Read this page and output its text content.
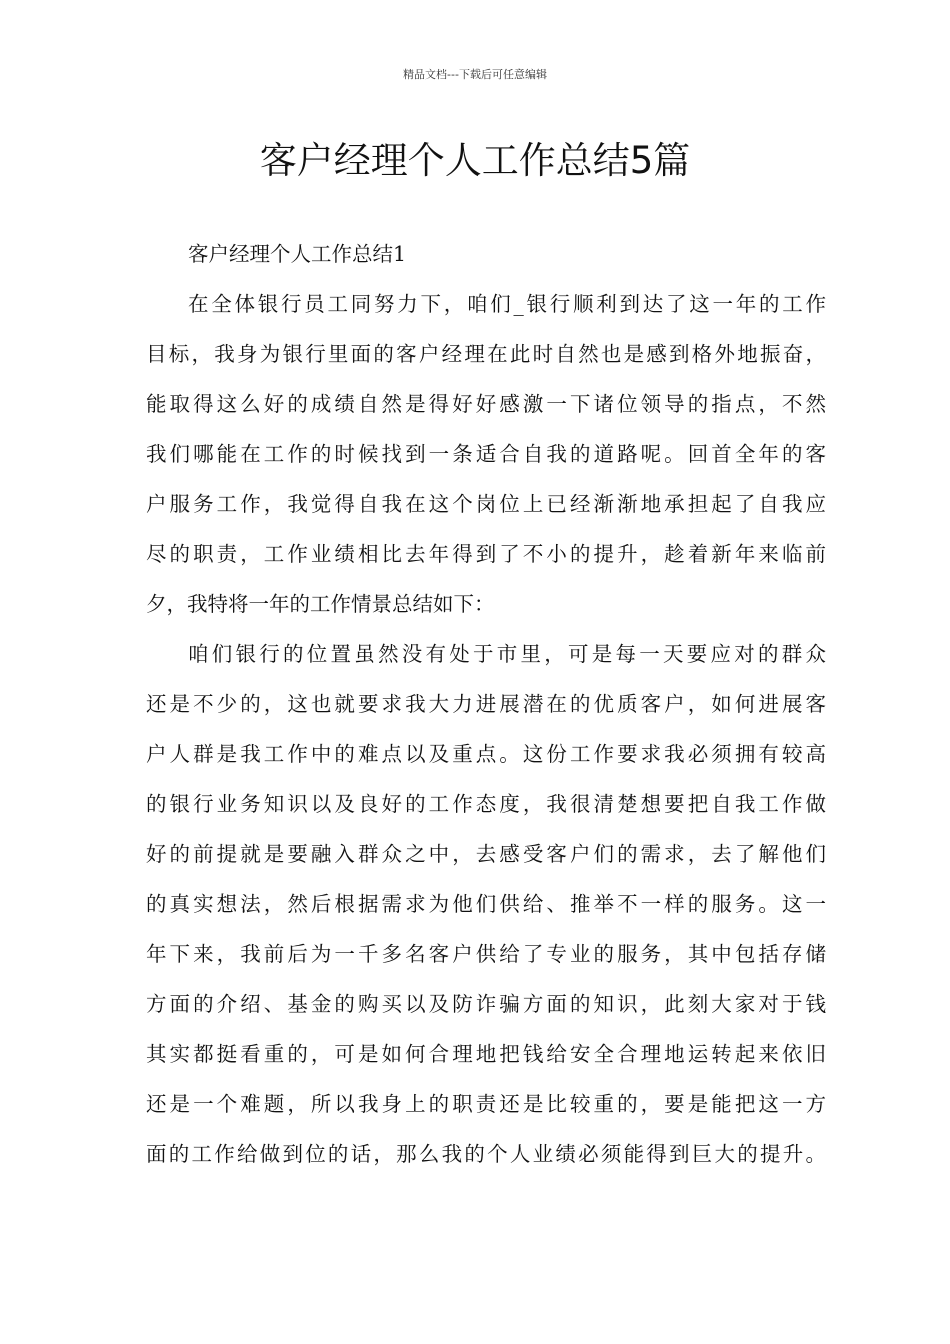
精品文档---下载后可任意编辑
客户经理个人工作总结5篇
客户经理个人工作总结1
在全体银行员工同努力下，咱们_银行顺利到达了这一年的工作
目标，我身为银行里面的客户经理在此时自然也是感到格外地振奋，
能取得这么好的成绩自然是得好好感激一下诸位领导的指点，不然
我们哪能在工作的时候找到一条适合自我的道路呢。回首全年的客
户服务工作，我觉得自我在这个岗位上已经渐渐地承担起了自我应
尽的职责，工作业绩相比去年得到了不小的提升，趁着新年来临前
夕，我特将一年的工作情景总结如下：
咱们银行的位置虽然没有处于市里，可是每一天要应对的群众
还是不少的，这也就要求我大力进展潜在的优质客户，如何进展客
户人群是我工作中的难点以及重点。这份工作要求我必须拥有较高
的银行业务知识以及良好的工作态度，我很清楚想要把自我工作做
好的前提就是要融入群众之中，去感受客户们的需求，去了解他们
的真实想法，然后根据需求为他们供给、推举不一样的服务。这一
年下来，我前后为一千多名客户供给了专业的服务，其中包括存储
方面的介绍、基金的购买以及防诈骗方面的知识，此刻大家对于钱
其实都挺看重的，可是如何合理地把钱给安全合理地运转起来依旧
还是一个难题，所以我身上的职责还是比较重的，要是能把这一方
面的工作给做到位的话，那么我的个人业绩必须能得到巨大的提升。
